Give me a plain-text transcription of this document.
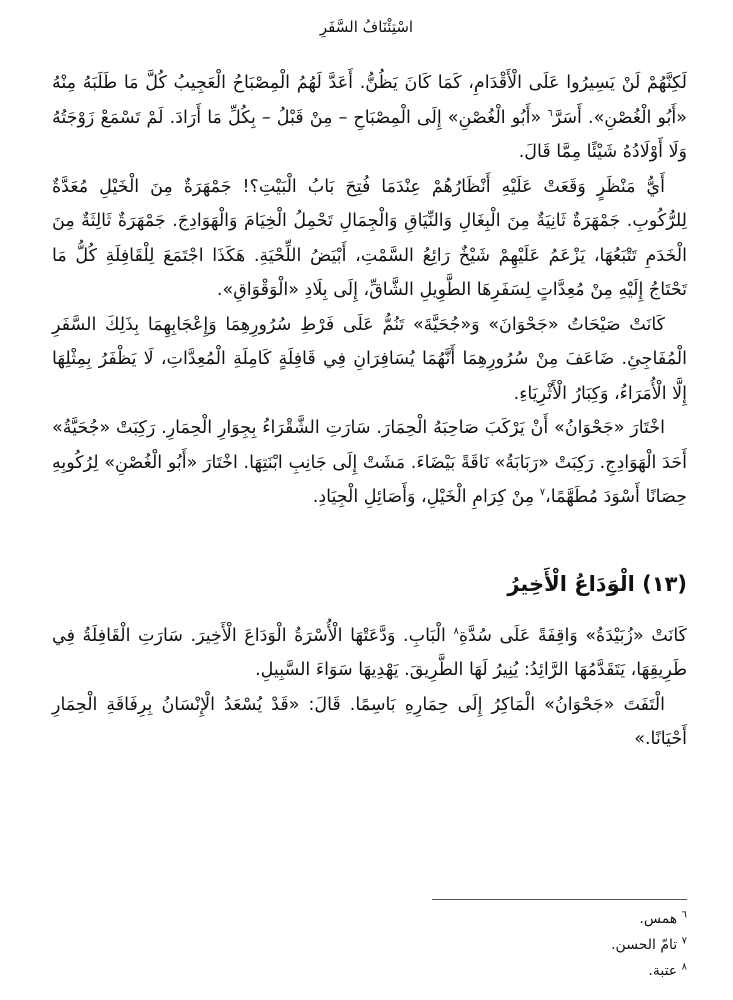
اسْتِئْنَافُ السَّفَرِ

لَكِنَّهُمْ لَنْ يَسِيرُوا عَلَى الْأَقْدَامِ، كَمَا كَانَ يَظُنُّ. أَعَدَّ لَهُمُ الْمِصْبَاحُ الْعَجِيبُ كُلَّ مَا طَلَبَهُ مِنْهُ «أَبُو الْغُصْنِ». أَسَرَّ$^٦$ «أَبُو الْغُصْنِ» إِلَى الْمِصْبَاحِ – مِنْ قَبْلُ – بِكُلِّ مَا أَرَادَ. لَمْ تَسْمَعْ زَوْجَتُهُ وَلَا أَوْلَادُهُ شَيْئًا مِمَّا قَالَ.

أَيُّ مَنْظَرٍ وَقَعَتْ عَلَيْهِ أَنْظَارُهُمْ عِنْدَمَا فُتِحَ بَابُ الْبَيْتِ؟! جَمْهَرَةٌ مِنَ الْخَيْلِ مُعَدَّةٌ لِلرُّكُوبِ. جَمْهَرَةٌ ثَانِيَةٌ مِنَ الْبِغَالِ وَالنِّيَاقِ وَالْجِمَالِ تَحْمِلُ الْخِيَامَ وَالْهَوَادِجَ. جَمْهَرَةٌ ثَالِثَةٌ مِنَ الْخَدَمِ تَتْبَعُهَا، يَزْعَمُ عَلَيْهِمْ شَيْخٌ رَائِعُ السَّمْتِ، أَبْيَضُ اللِّحْيَةِ. هَكَذَا اجْتَمَعَ لِلْقَافِلَةِ كُلُّ مَا تَحْتَاجُ إِلَيْهِ مِنْ مُعِدَّاتٍ لِسَفَرِهَا الطَّوِيلِ الشَّاقِّ، إِلَى بِلَادِ «الْوَقْوَاقِ».

كَانَتْ صَيْحَاتُ «جَحْوَانَ» وَ«جُحَيَّةَ» تَنُمُّ عَلَى فَرْطِ سُرُورِهِمَا وَإِعْجَابِهِمَا بِذَلِكَ السَّفَرِ الْمُفَاجِئِ. ضَاعَفَ مِنْ سُرُورِهِمَا أَنَّهُمَا يُسَافِرَانِ فِي قَافِلَةٍ كَامِلَةِ الْمُعِدَّاتِ، لَا يَظْفَرُ بِمِثْلِهَا إِلَّا الْأُمَرَاءُ، وَكِبَارُ الْأَثْرِيَاءِ.

اخْتَارَ «جَحْوَانُ» أَنْ يَرْكَبَ صَاحِبَهُ الْحِمَارَ. سَارَتِ الشَّقْرَاءُ بِجِوَارِ الْحِمَارِ. رَكِبَتْ «جُحَيَّةُ» أَحَدَ الْهَوَادِجِ. رَكِبَتْ «رَبَابَةُ» نَاقَةً بَيْضَاءَ. مَشَتْ إِلَى جَانِبِ ابْنَتِهَا. اخْتَارَ «أَبُو الْغُصْنِ» لِرُكُوبِهِ حِصَانًا أَسْوَدَ مُطَهَّمًا،$^٧$ مِنْ كِرَامِ الْخَيْلِ، وَأَصَائِلِ الْجِيَادِ.

(١٣) الْوَدَاعُ الْأَخِيرُ

كَانَتْ «زُبَيْدَةُ» وَاقِفَةً عَلَى سُدَّةِ$^٨$ الْبَابِ. وَدَّعَتْهَا الْأُسْرَةُ الْوَدَاعَ الْأَخِيرَ. سَارَتِ الْقَافِلَةُ فِي طَرِيقِهَا، يَتَقَدَّمُهَا الرَّائِدُ: يُنِيرُ لَهَا الطَّرِيقَ. يَهْدِيهَا سَوَاءَ السَّبِيلِ.

الْتَفَتَ «جَحْوَانُ» الْمَاكِرُ إِلَى حِمَارِهِ بَاسِمًا. قَالَ: «قَدْ يُسْعَدُ الْإِنْسَانُ بِرِفَاقَةِ الْحِمَارِ أَحْيَانًا.»

$^٦$ همس.

$^٧$ تامّ الحسن.

$^٨$ عتبة.
